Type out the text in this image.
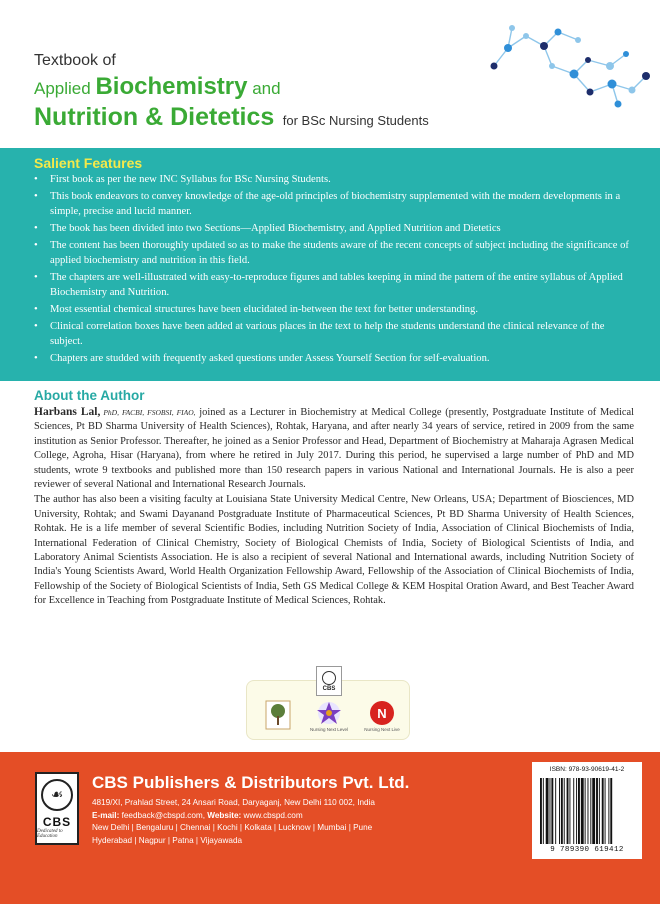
Textbook of
Applied Biochemistry and
Nutrition & Dietetics for BSc Nursing Students
Salient Features
• First book as per the new INC Syllabus for BSc Nursing Students.
• This book endeavors to convey knowledge of the age-old principles of biochemistry supplemented with the modern developments in a simple, precise and lucid manner.
• The book has been divided into two Sections—Applied Biochemistry, and Applied Nutrition and Dietetics
• The content has been thoroughly updated so as to make the students aware of the recent concepts of subject including the significance of applied biochemistry and nutrition in this field.
• The chapters are well-illustrated with easy-to-reproduce figures and tables keeping in mind the pattern of the entire syllabus of Applied Biochemistry and Nutrition.
• Most essential chemical structures have been elucidated in-between the text for better understanding.
• Clinical correlation boxes have been added at various places in the text to help the students understand the clinical relevance of the subject.
• Chapters are studded with frequently asked questions under Assess Yourself Section for self-evaluation.
About the Author

Harbans Lal, PhD, FACBI, FSOBSI, FIAO, joined as a Lecturer in Biochemistry at Medical College (presently, Postgraduate Institute of Medical Sciences, Pt BD Sharma University of Health Sciences), Rohtak, Haryana, and after nearly 34 years of service, retired in 2009 from the same institution as Senior Professor. Thereafter, he joined as a Senior Professor and Head, Department of Biochemistry at Maharaja Agrasen Medical College, Agroha, Hisar (Haryana), from where he retired in July 2017. During this period, he supervised a large number of PhD and MD students, wrote 9 textbooks and published more than 150 research papers in various National and International Journals. He is also a peer reviewer of several National and International Research Journals.

The author has also been a visiting faculty at Louisiana State University Medical Centre, New Orleans, USA; Department of Biosciences, MD University, Rohtak; and Swami Dayanand Postgraduate Institute of Pharmaceutical Sciences, Pt BD Sharma University of Health Sciences, Rohtak. He is a life member of several Scientific Bodies, including Nutrition Society of India, Association of Clinical Biochemists of India, International Federation of Clinical Chemistry, Society of Biological Chemists of India, Society of Biological Scientists of India, and Laboratory Animal Scientists Association. He is also a recipient of several National and International awards, including Nutrition Society of India's Young Scientists Award, World Health Organization Fellowship Award, Fellowship of the Association of Clinical Biochemists of India, Fellowship of the Society of Biological Scientists of India, Seth GS Medical College & KEM Hospital Oration Award, and Best Teacher Award for Excellence in Teaching from Postgraduate Institute of Medical Sciences, Rohtak.

CBS
Nursing Next Level
N
Nursing Next Live
☙
CBS
Dedicated to Education
CBS Publishers & Distributors Pvt. Ltd.
4819/XI, Prahlad Street, 24 Ansari Road, Daryaganj, New Delhi 110 002, India
E-mail: feedback@cbspd.com, Website: www.cbspd.com
New Delhi | Bengaluru | Chennai | Kochi | Kolkata | Lucknow | Mumbai | Pune
Hyderabad | Nagpur | Patna | Vijayawada
ISBN: 978-93-90619-41-2
9 789390 619412
